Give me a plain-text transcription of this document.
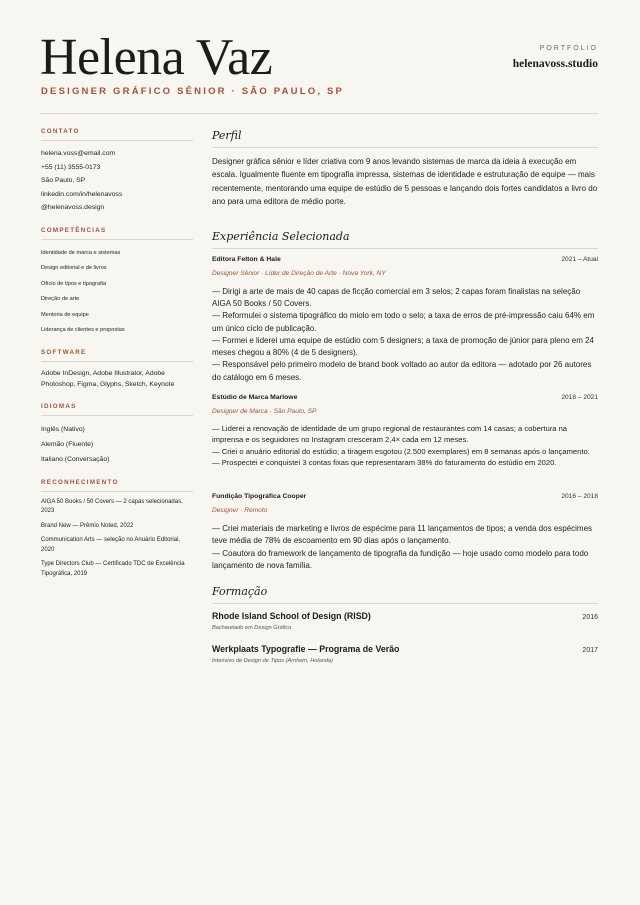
Helena Vaz
DESIGNER GRÁFICO SÊNIOR · SÃO PAULO, SP
PORTFÓLIO
helenavoss.studio
CONTATO
helena.voss@email.com
+55 (11) 3555-0173
São Paulo, SP
linkedin.com/in/helenavoss
@helenavoss.design
COMPETÊNCIAS
Identidade de marca e sistemas
Design editorial e de livros
Ofício de tipos e tipografia
Direção de arte
Mentoria de equipe
Liderança de clientes e propostas
SOFTWARE
Adobe InDesign, Adobe Illustrator, Adobe Photoshop, Figma, Glyphs, Sketch, Keynote
IDIOMAS
Inglês (Nativo)
Alemão (Fluente)
Italiano (Conversação)
RECONHECIMENTO
AIGA 50 Books / 50 Covers — 2 capas selecionadas, 2023
Brand New — Prêmio Noted, 2022
Communication Arts — seleção no Anuário Editorial, 2020
Type Directors Club — Certificado TDC de Excelência Tipográfica, 2019
Perfil

Designer gráfica sênior e líder criativa com 9 anos levando sistemas de marca da ideia à execução em escala. Igualmente fluente em tipografia impressa, sistemas de identidade e estruturação de equipe — mais recentemente, mentorando uma equipe de estúdio de 5 pessoas e lançando dois fortes candidatos a livro do ano para uma editora de médio porte.

Experiência Selecionada
Editora Felton & Hale	2021 – Atual
Designer Sênior · Líder de Direção de Arte · Nova York, NY
— Dirigi a arte de mais de 40 capas de ficção comercial em 3 selos; 2 capas foram finalistas na seleção AIGA 50 Books / 50 Covers.
— Reformulei o sistema tipográfico do miolo em todo o selo; a taxa de erros de pré-impressão caiu 64% em um único ciclo de publicação.
— Formei e liderei uma equipe de estúdio com 5 designers; a taxa de promoção de júnior para pleno em 24 meses chegou a 80% (4 de 5 designers).
— Responsável pelo primeiro modelo de brand book voltado ao autor da editora — adotado por 26 autores do catálogo em 6 meses.
Estúdio de Marca Marlowe	2018 – 2021
Designer de Marca · São Paulo, SP
— Liderei a renovação de identidade de um grupo regional de restaurantes com 14 casas; a cobertura na imprensa e os seguidores no Instagram cresceram 2,4× cada em 12 meses.
— Criei o anuário editorial do estúdio; a tiragem esgotou (2.500 exemplares) em 8 semanas após o lançamento.
— Prospectei e conquistei 3 contas fixas que representaram 38% do faturamento do estúdio em 2020.
Fundição Tipográfica Cooper	2016 – 2018
Designer · Remoto
— Criei materiais de marketing e livros de espécime para 11 lançamentos de tipos; a venda dos espécimes teve média de 78% de escoamento em 90 dias após o lançamento.
— Coautora do framework de lançamento de tipografia da fundição — hoje usado como modelo para todo lançamento de nova família.
Formação
Rhode Island School of Design (RISD)	2016
Bacharelado em Design Gráfico
Werkplaats Typografie — Programa de Verão	2017
Intensivo de Design de Tipos (Arnhem, Holanda)
